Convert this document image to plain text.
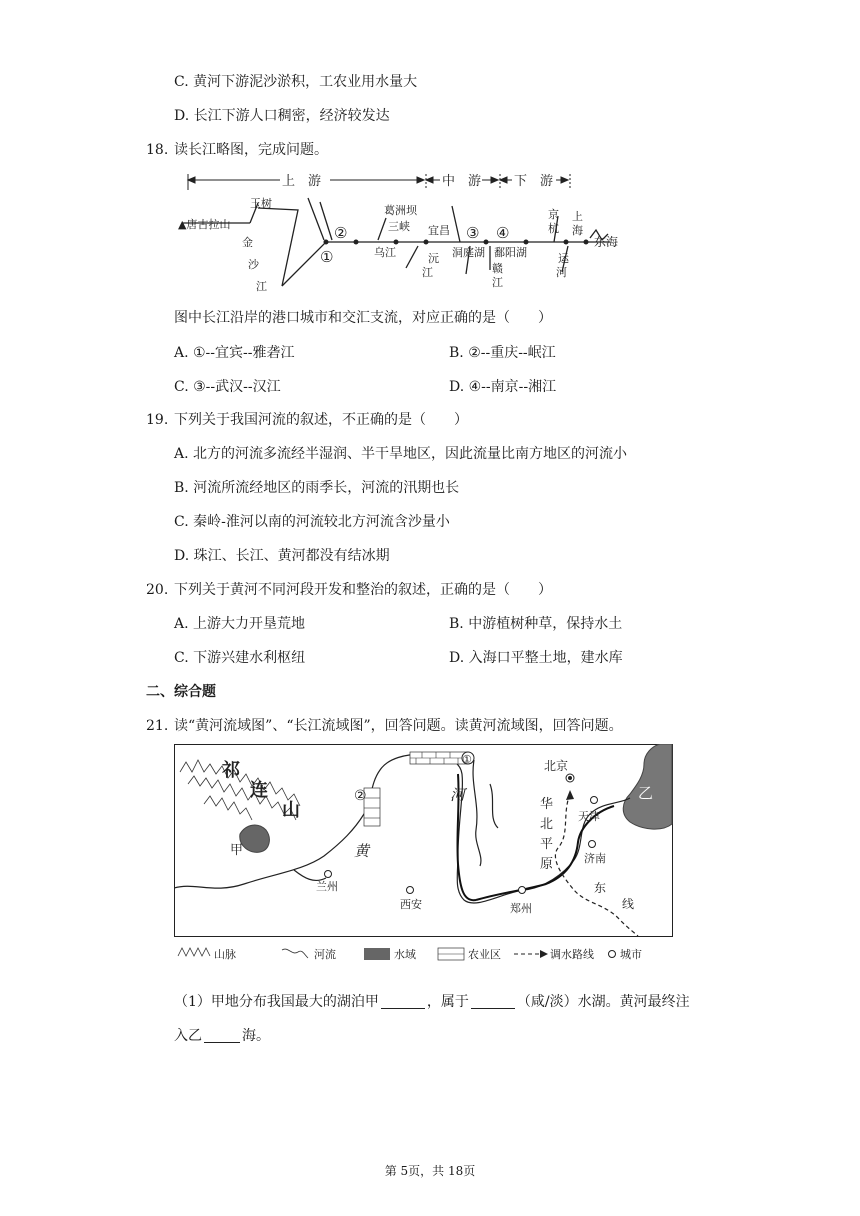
C. 黄河下游泥沙淤积，工农业用水量大
D. 长江下游人口稠密，经济较发达
18. 读长江略图，完成问题。
上　游	中　游	下　游
▲唐古拉山
玉树
金
沙
江
①
②
乌江
葛洲坝
三峡 宜昌
沅
江
③
洞庭湖
④
鄱阳湖
赣
江
京
杭
运
河
上
海
东海
图中长江沿岸的港口城市和交汇支流，对应正确的是（　　）
A. ①--宜宾--雅砻江	B. ②--重庆--岷江
C. ③--武汉--汉江	D. ④--南京--湘江
19. 下列关于我国河流的叙述，不正确的是（　　）
A. 北方的河流多流经半湿润、半干旱地区，因此流量比南方地区的河流小
B. 河流所流经地区的雨季长，河流的汛期也长
C. 秦岭-淮河以南的河流较北方河流含沙量小
D. 珠江、长江、黄河都没有结冰期
20. 下列关于黄河不同河段开发和整治的叙述，正确的是（　　）
A. 上游大力开垦荒地	B. 中游植树种草，保持水土
C. 下游兴建水利枢纽	D. 入海口平整土地，建水库
二、综合题
21. 读“黄河流域图”、“长江流域图”，回答问题。读黄河流域图，回答问题。
①
②
祁
连
山
甲	黄
河
兰州
西安	郑州
北京
天津
济南
乙
华
北
平
原
东
线
山脉	河流	水域	农业区	调水路线 城市
（1）甲地分布我国最大的湖泊甲	，属于	（咸/淡）水湖。黄河最终注
入乙	海。
第 5页，共 18页
